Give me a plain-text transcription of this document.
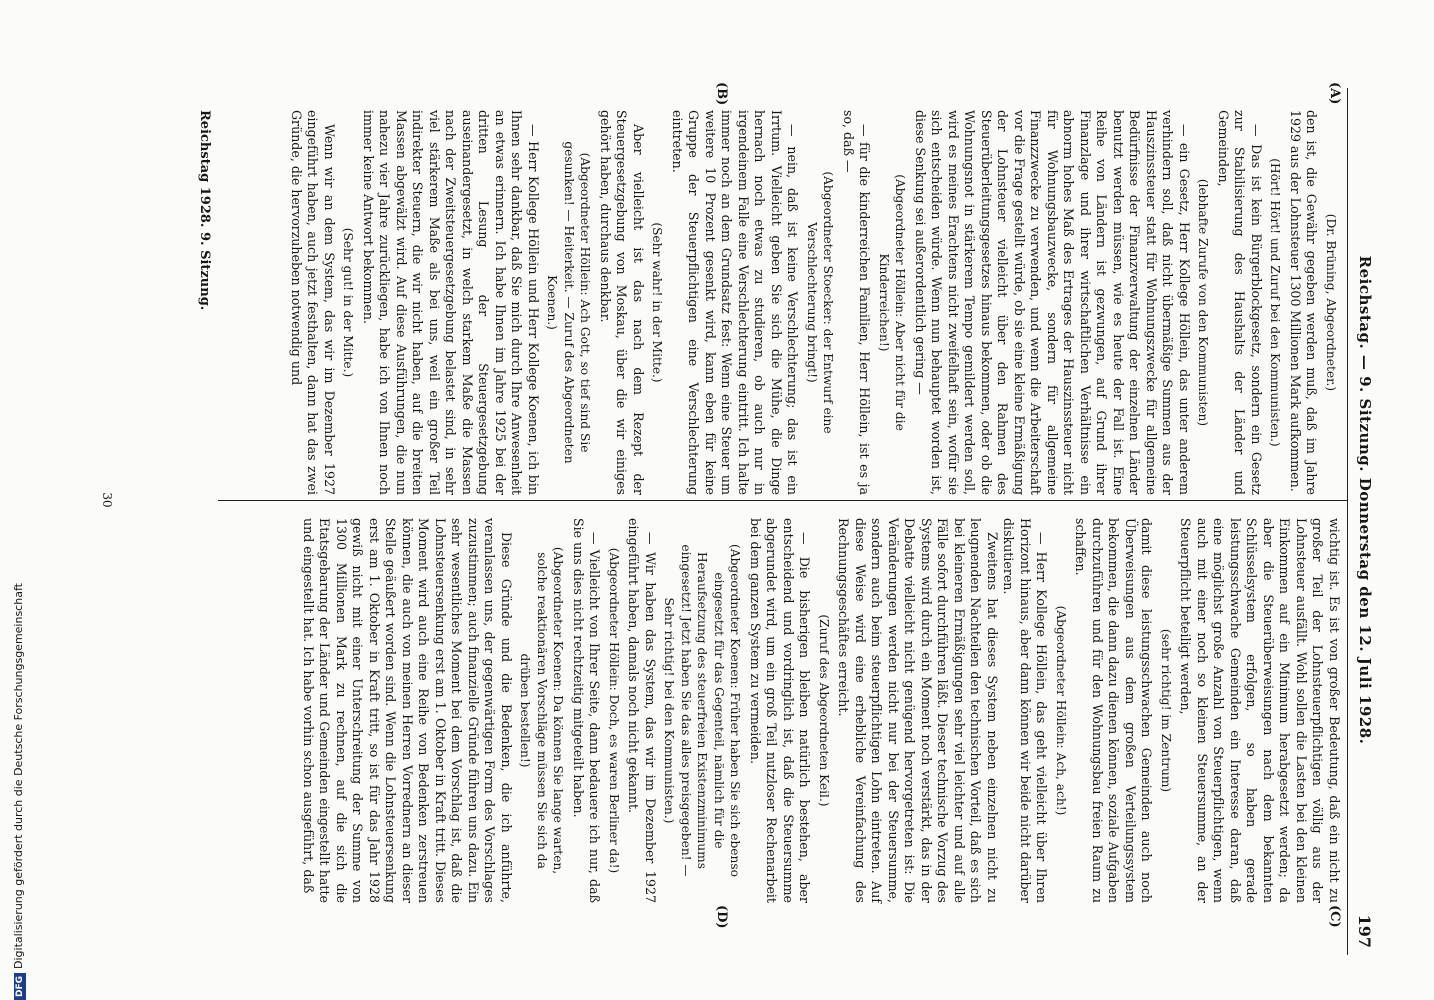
Reichstag. — 9. Sitzung. Donnerstag den 12. Juli 1928.
197
(A)
(B)
(C)
(D)

(Dr. Brüning, Abgeordneter.)

den ist, die Gewähr gegeben werden muß, daß im Jahre 1929 aus der Lohnsteuer 1300 Millionen Mark aufkommen.

(Hört! Hört! und Zuruf bei den Kommunisten.)

— Das ist kein Bürgerblockgesetz, sondern ein Gesetz zur Stabilisierung des Haushalts der Länder und Gemeinden,

(lebhafte Zurufe von den Kommunisten)

— ein Gesetz, Herr Kollege Höllein, das unter anderem verhindern soll, daß nicht übermäßige Summen aus der Hauszinssteuer statt für Wohnungszwecke für allgemeine Bedürfnisse der Finanzverwaltung der einzelnen Länder benutzt werden müssen, wie es heute der Fall ist. Eine Reihe von Ländern ist gezwungen, auf Grund ihrer Finanzlage und ihrer wirtschaftlichen Verhältnisse ein abnorm hohes Maß des Ertrages der Hauszinssteuer nicht für Wohnungsbauzwecke, sondern für allgemeine Finanzzwecke zu verwenden, und wenn die Arbeiterschaft vor die Frage gestellt würde, ob sie eine kleine Ermäßigung der Lohnsteuer vielleicht über den Rahmen des Steuerüberleitungsgesetzes hinaus bekommen, oder ob die Wohnungsnot in stärkerem Tempo gemildert werden soll, wird es meines Erachtens nicht zweifelhaft sein, wofür sie sich entscheiden würde. Wenn nun behauptet worden ist, diese Senkung sei außerordentlich gering —

(Abgeordneter Höllein: Aber nicht für die Kinderreichen!)

— für die kinderreichen Familien, Herr Höllein, ist es ja so, daß —

(Abgeordneter Stoecker: der Entwurf eine Verschlechterung bringt!)

— nein, daß ist keine Verschlechterung; das ist ein Irrtum. Vielleicht geben Sie sich die Mühe, die Dinge hernach noch etwas zu studieren, ob auch nur in irgendeinem Falle eine Verschlechterung eintritt. Ich halte immer noch an dem Grundsatz fest: Wenn eine Steuer um weitere 10 Prozent gesenkt wird, kann eben für keine Gruppe der Steuerpflichtigen eine Verschlechterung eintreten.

(Sehr wahr! in der Mitte.)

Aber vielleicht ist das nach dem Rezept der Steuergesetzgebung von Moskau, über die wir einiges gehört haben, durchaus denkbar.

(Abgeordneter Höllein: Ach Gott, so tief sind Sie gesunken! — Heiterkeit. — Zuruf des Abgeordneten Koenen.)

— Herr Kollege Höllein und Herr Kollege Koenen, ich bin Ihnen sehr dankbar, daß Sie mich durch Ihre Anwesenheit an etwas erinnern. Ich habe Ihnen im Jahre 1925 bei der dritten Lesung der Steuergesetzgebung auseinandergesetzt, in welch starkem Maße die Massen nach der Zweitsteuergesetzgebung belastet sind, in sehr viel stärkerem Maße als bei uns, weil ein großer Teil indirekter Steuern, die wir nicht haben, auf die breiten Massen abgewälzt wird. Auf diese Ausführungen, die nun nahezu vier Jahre zurückliegen, habe ich von Ihnen noch immer keine Antwort bekommen.

(Sehr gut! in der Mitte.)

Wenn wir an dem System, das wir im Dezember 1927 eingeführt haben, auch jetzt festhalten, dann hat das zwei Gründe, die hervorzuheben notwendig und

wichtig ist. Es ist von großer Bedeutung, daß ein nicht zu großer Teil der Lohnsteuerpflichtigen völlig aus der Lohnsteuer ausfällt. Wohl sollen die Lasten bei den kleinen Einkommen auf ein Minimum herabgesetzt werden; da aber die Steuerüberweisungen nach dem bekannten Schlüsselsystem erfolgen, so haben gerade leistungsschwache Gemeinden ein Interesse daran, daß eine möglichst große Anzahl von Steuerpflichtigen, wenn auch mit einer noch so kleinen Steuersumme, an der Steuerpflicht beteiligt werden,

(sehr richtig! im Zentrum)

damit diese leistungsschwachen Gemeinden auch noch Überweisungen aus dem großen Verteilungssystem bekommen, die dann dazu dienen können, soziale Aufgaben durchzuführen und für den Wohnungsbau freien Raum zu schaffen.

(Abgeordneter Höllein: Ach, ach!)

— Herr Kollege Höllein, das geht vielleicht über Ihren Horizont hinaus, aber dann können wir beide nicht darüber diskutieren.

Zweitens hat dieses System neben einzelnen nicht zu leugnenden Nachteilen den technischen Vorteil, daß es sich bei kleineren Ermäßigungen sehr viel leichter und auf alle Fälle sofort durchführen läßt. Dieser technische Vorzug des Systems wird durch ein Moment noch verstärkt, das in der Debatte vielleicht nicht genügend hervorgetreten ist: Die Veränderungen werden nicht nur bei der Steuersumme, sondern auch beim steuerpflichtigen Lohn eintreten. Auf diese Weise wird eine erhebliche Vereinfachung des Rechnungsgeschäftes erreicht.

(Zuruf des Abgeordneten Keil.)

— Die bisherigen bleiben natürlich bestehen, aber entscheidend und vordringlich ist, daß die Steuersumme abgerundet wird, um ein groß Teil nutzloser Rechenarbeit bei dem ganzen System zu vermeiden.

(Abgeordneter Koenen: Früher haben Sie sich ebenso eingesetzt für das Gegenteil, nämlich für die Heraufsetzung des steuerfreien Existenzminimums eingesetzt! Jetzt haben Sie das alles preisgegeben! — Sehr richtig! bei den Kommunisten.)

— Wir haben das System, das wir im Dezember 1927 eingeführt haben, damals noch nicht gekannt.

(Abgeordneter Höllein: Doch, es waren Berliner da!)

— Vielleicht von Ihrer Seite, dann bedauere ich nur, daß Sie uns dies nicht rechtzeitig mitgeteilt haben.

(Abgeordneter Koenen: Da können Sie lange warten, solche reaktionären Vorschläge müssen Sie sich da drüben bestellen!)

Diese Gründe und die Bedenken, die ich anführte, veranlassen uns, der gegenwärtigen Form des Vorschlages zuzustimmen; auch finanzielle Gründe führen uns dazu. Ein sehr wesentliches Moment bei dem Vorschlag ist, daß die Lohnsteuersenkung erst am 1. Oktober in Kraft tritt. Dieses Moment wird auch eine Reihe von Bedenken zerstreuen können, die auch von meinen Herren Vorrednern an dieser Stelle geäußert worden sind. Wenn die Lohnsteuersenkung erst am 1. Oktober in Kraft tritt, so ist für das Jahr 1928 gewiß nicht mit einer Unterschreitung der Summe von 1300 Millionen Mark zu rechnen, auf die sich die Etatsgebarung der Länder und Gemeinden eingestellt hatte und eingestellt hat. Ich habe vorhin schon ausgeführt, daß

Reichstag 1928. 9. Sitzung.
30
DFGDigitalisierung gefördert durch die Deutsche Forschungsgemeinschaft
